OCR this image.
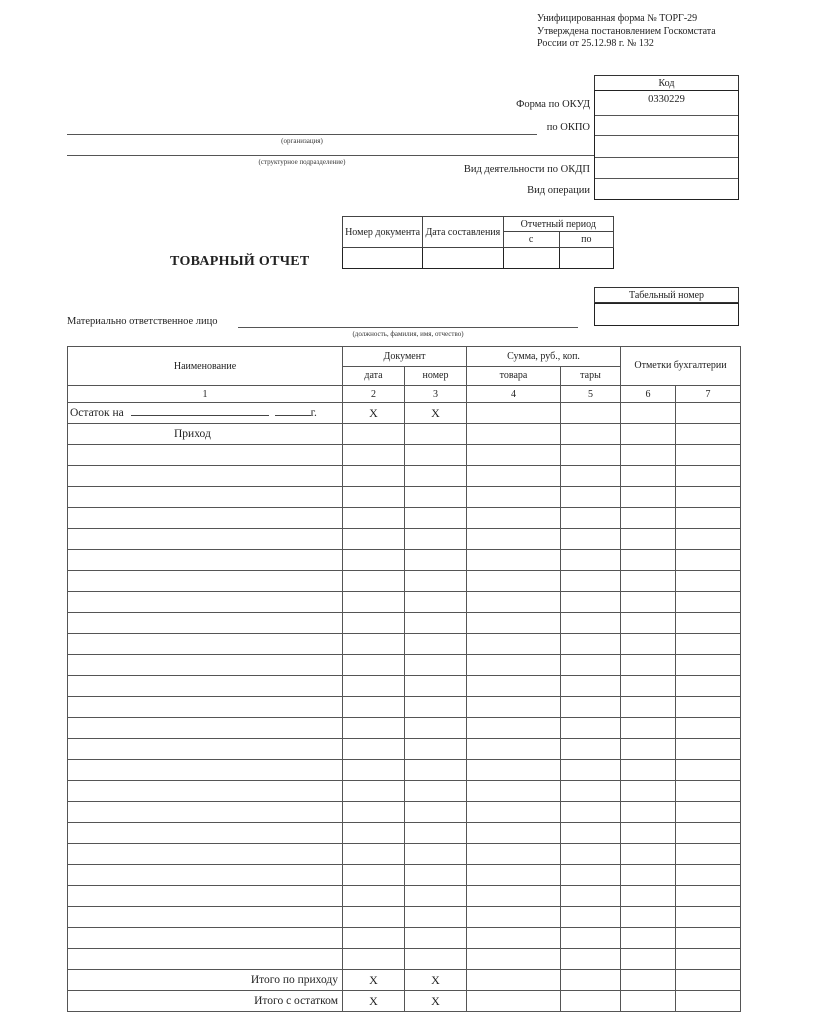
Унифицированная форма № ТОРГ-29
Утверждена постановлением Госкомстата
России от 25.12.98 г. № 132
Код
0330229
Форма по ОКУД
по ОКПО
Вид деятельности по ОКДП
Вид операции
(организация)
(структурное подразделение)
Номер документа	Дата составления	Отчетный период	
		с	по

ТОВАРНЫЙ ОТЧЕТ
Табельный номер
Материально ответственное лицо
(должность, фамилия, имя, отчество)
Наименование	Документ		Сумма, руб., коп.		Отметки бухгалтерии	
	дата	номер	товара	тары		
1	2	3	4	5	6	7
Остаток на г.	X	X				
Приход						

Итого по приходу	X	X				
Итого с остатком	X	X				
